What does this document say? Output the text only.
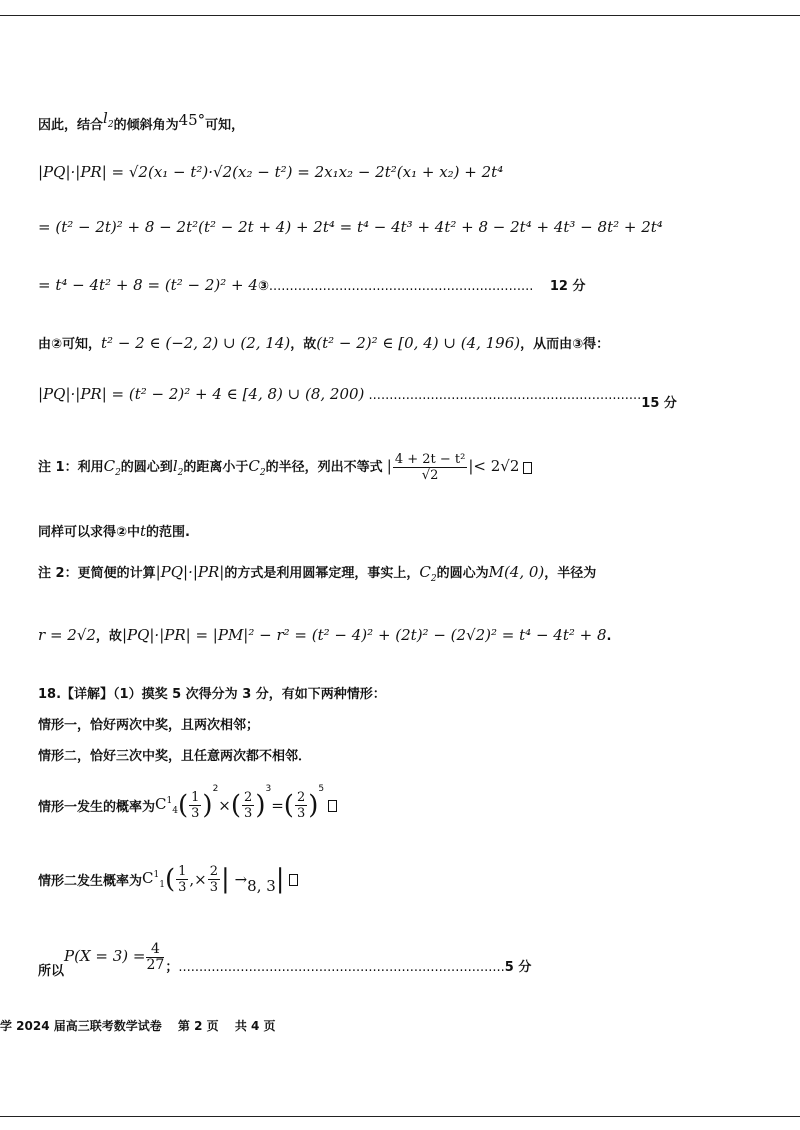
因此，结合$l_2$的倾斜角为45°可知，
|PQ|·|PR| = √2(x₁ − t²)·√2(x₂ − t²) = 2x₁x₂ − 2t²(x₁ + x₂) + 2t⁴
= (t² − 2t)² + 8 − 2t²(t² − 2t + 4) + 2t⁴ = t⁴ − 4t³ + 4t² + 8 − 2t⁴ + 4t³ − 8t² + 2t⁴
= t⁴ − 4t² + 8 = (t² − 2)² + 4③................................................................ 12 分
由②可知，t² − 2 ∈ (−2, 2) ∪ (2, 14)，故(t² − 2)² ∈ [0, 4) ∪ (4, 196)，从而由③得：
|PQ|·|PR| = (t² − 2)² + 4 ∈ [4, 8) ∪ (8, 200) ..................................................................15 分
注 1：利用$C_2$的圆心到$l_2$的距离小于$C_2$的半径，列出不等式 | $\frac{\text{4 + 2t − t²}}{√2}$ |< 2√2
同样可以求得②中t的范围.
注 2：更简便的计算|PQ|·|PR|的方式是利用圆幂定理，事实上，$C_2$的圆心为M(4, 0)，半径为
r = 2√2，故|PQ|·|PR| = |PM|² − r² = (t² − 4)² + (2t)² − (2√2)² = t⁴ − 4t² + 8.
18.【详解】（1）摸奖 5 次得分为 3 分，有如下两种情形：
情形一，恰好两次中奖，且两次相邻；
情形二，恰好三次中奖，且任意两次都不相邻．
情形一发生的概率为$C^1_4( \frac{1}{3} )^2\times( \frac{2}{3} )^3=( \frac{2}{3} )^5$
情形二发生概率为$C^1_1( \frac{1}{3}$ ,× $\frac{2}{3}$ | →8, 3|
所以$P(X = 3) = \frac{4}{27}$ ；...............................................................................5 分
学 2024 届高三联考数学试卷　 第 2 页　 共 4 页
